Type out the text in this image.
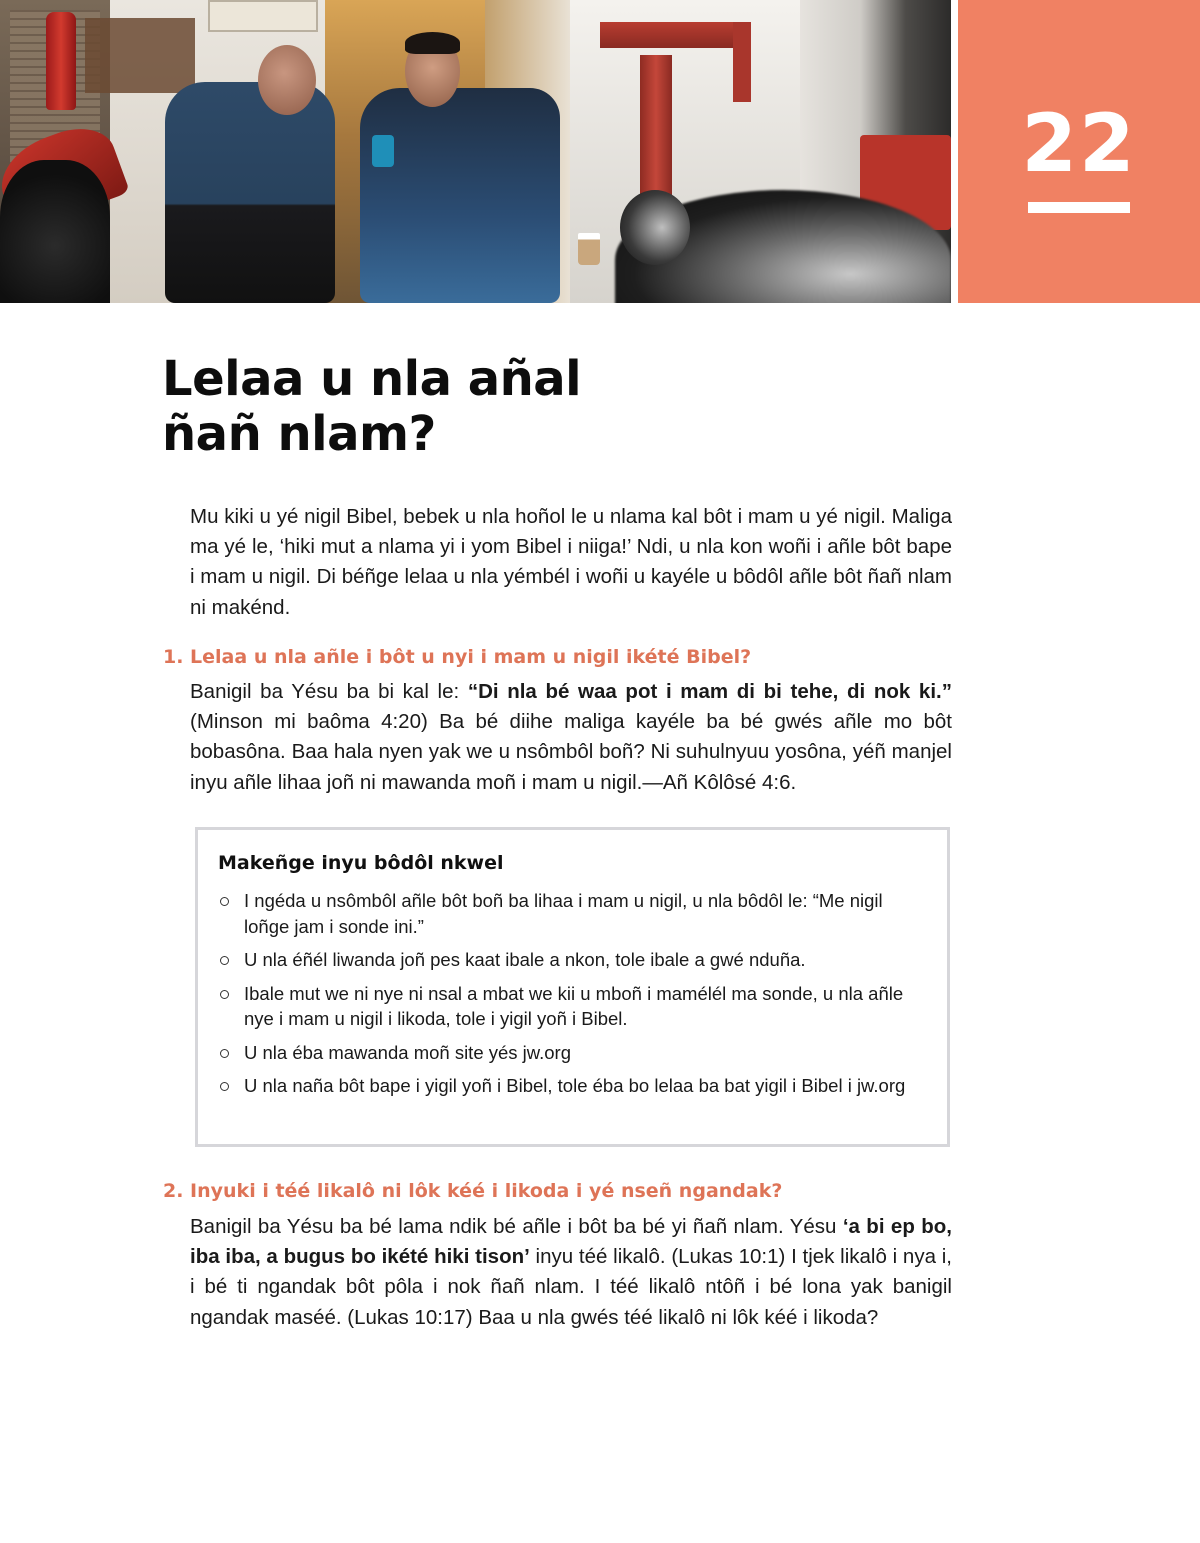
22
Lelaa u nla añal
ñañ nlam?

Mu kiki u yé nigil Bibel, bebek u nla hoñol le u nlama kal bôt i mam u yé nigil. Maliga ma yé le, ‘hiki mut a nlama yi i yom Bibel i niiga!’ Ndi, u nla kon woñi i añle bôt bape i mam u nigil. Di béñge lelaa u nla yémbél i woñi u kayéle u bôdôl añle bôt ñañ nlam ni makénd.

1. Lelaa u nla añle i bôt u nyi i mam u nigil ikété Bibel?

Banigil ba Yésu ba bi kal le: “Di nla bé waa pot i mam di bi tehe, di nok ki.” (Minson mi baôma 4:20) Ba bé diihe maliga kayéle ba bé gwés añle mo bôt bobasôna. Baa hala nyen yak we u nsômbôl boñ? Ni suhulnyuu yosôna, yéñ manjel inyu añle lihaa joñ ni mawanda moñ i mam u nigil.—Añ Kôlôsé 4:6.

Makeñge inyu bôdôl nkwel
I ngéda u nsômbôl añle bôt boñ ba lihaa i mam u nigil, u nla bôdôl le: “Me nigil loñge jam i sonde ini.”
U nla éñél liwanda joñ pes kaat ibale a nkon, tole ibale a gwé nduña.
Ibale mut we ni nye ni nsal a mbat we kii u mboñ i mamélél ma sonde, u nla añle nye i mam u nigil i likoda, tole i yigil yoñ i Bibel.
U nla éba mawanda moñ site yés jw.org
U nla naña bôt bape i yigil yoñ i Bibel, tole éba bo lelaa ba bat yigil i Bibel i jw.org
2. Inyuki i téé likalô ni lôk kéé i likoda i yé nseñ ngandak?

Banigil ba Yésu ba bé lama ndik bé añle i bôt ba bé yi ñañ nlam. Yésu ‘a bi ep bo, iba iba, a bugus bo ikété hiki tison’ inyu téé likalô. (Lukas 10:1) I tjek likalô i nya i, i bé ti ngandak bôt pôla i nok ñañ nlam. I téé likalô ntôñ i bé lona yak banigil ngandak maséé. (Lukas 10:17) Baa u nla gwés téé likalô ni lôk kéé i likoda?
